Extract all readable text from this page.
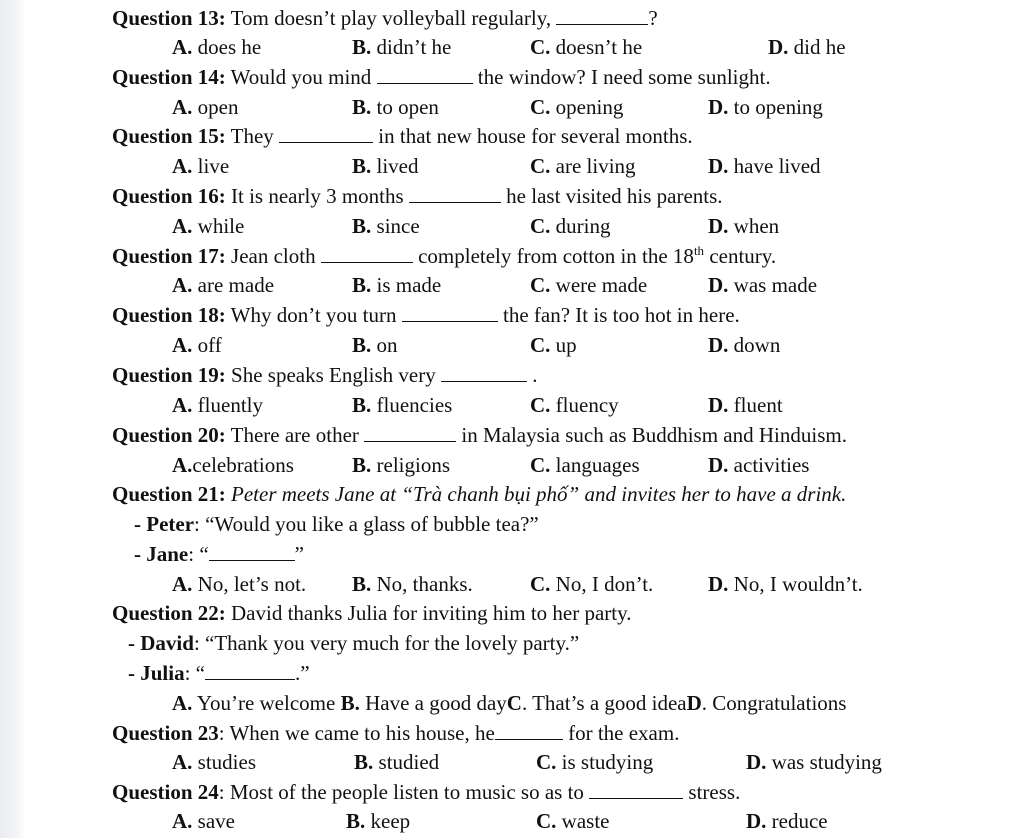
Question 13: Tom doesn’t play volleyball regularly,	?
A. does he	B. didn’t he	C. doesn’t he	D. did he
Question 14: Would you mind	the window? I need some sunlight.
A. open	B. to open	C. opening	D. to opening
Question 15: They	in that new house for several months.
A. live	B. lived	C. are living	D. have lived
Question 16: It is nearly 3 months	he last visited his parents.
A. while	B. since	C. during	D. when
Question 17: Jean cloth	completely from cotton in the 18th century.
A. are made	B. is made	C. were made	D. was made
Question 18: Why don’t you turn	the fan? It is too hot in here.
A. off	B. on	C. up	D. down
Question 19: She speaks English very	.
A. fluently	B. fluencies	C. fluency	D. fluent
Question 20: There are other	in Malaysia such as Buddhism and Hinduism.
A.celebrations	B. religions	C. languages	D. activities
Question 21: Peter meets Jane at “Trà chanh bụi phố” and invites her to have a drink.
- Peter: “Would you like a glass of bubble tea?”
- Jane: “	”
A. No, let’s not. B. No, thanks.	C. No, I don’t.	D. No, I wouldn’t.
Question 22: David thanks Julia for inviting him to her party.
- David: “Thank you very much for the lovely party.”
- Julia: “	.”
A. You’re welcome B. Have a good dayC. That’s a good ideaD. Congratulations
Question 23: When we came to his house, he	for the exam.
A. studies	B. studied	C. is studying	D. was studying
Question 24: Most of the people listen to music so as to	stress.
A. save	B. keep	C. waste	D. reduce
